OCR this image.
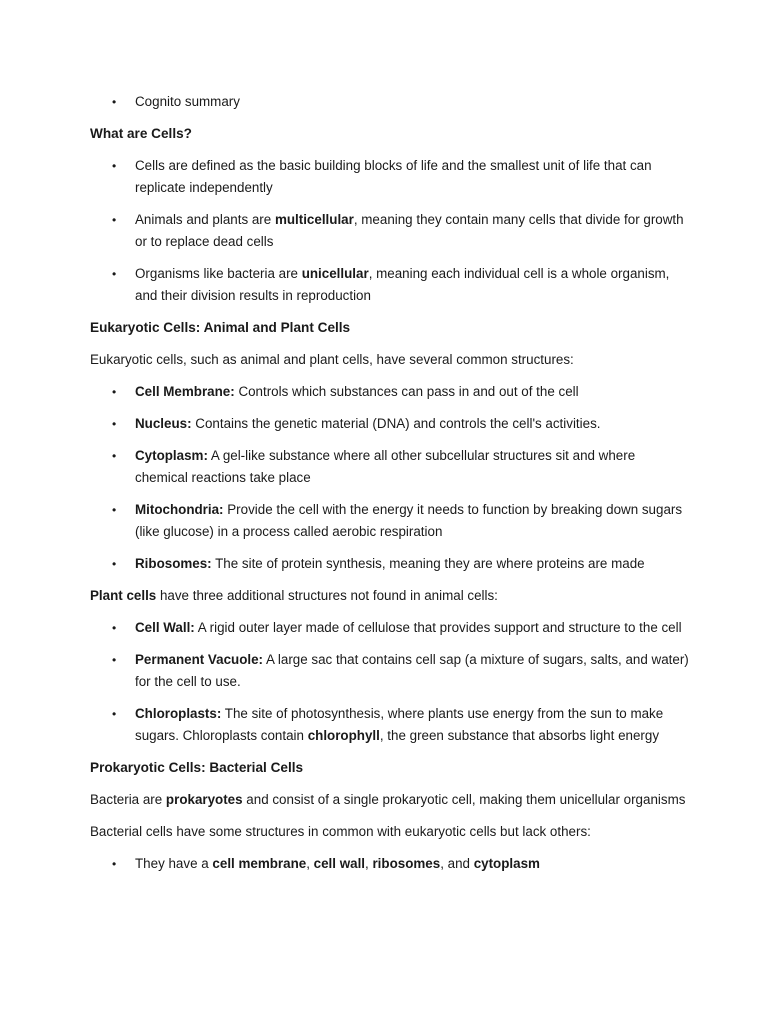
• Cognito summary
What are Cells?
• Cells are defined as the basic building blocks of life and the smallest unit of life that can replicate independently
• Animals and plants are multicellular, meaning they contain many cells that divide for growth or to replace dead cells
• Organisms like bacteria are unicellular, meaning each individual cell is a whole organism, and their division results in reproduction
Eukaryotic Cells: Animal and Plant Cells

Eukaryotic cells, such as animal and plant cells, have several common structures:

• Cell Membrane: Controls which substances can pass in and out of the cell
• Nucleus: Contains the genetic material (DNA) and controls the cell's activities.
• Cytoplasm: A gel-like substance where all other subcellular structures sit and where chemical reactions take place
• Mitochondria: Provide the cell with the energy it needs to function by breaking down sugars (like glucose) in a process called aerobic respiration
• Ribosomes: The site of protein synthesis, meaning they are where proteins are made

Plant cells have three additional structures not found in animal cells:

• Cell Wall: A rigid outer layer made of cellulose that provides support and structure to the cell
• Permanent Vacuole: A large sac that contains cell sap (a mixture of sugars, salts, and water) for the cell to use.
• Chloroplasts: The site of photosynthesis, where plants use energy from the sun to make sugars. Chloroplasts contain chlorophyll, the green substance that absorbs light energy
Prokaryotic Cells: Bacterial Cells

Bacteria are prokaryotes and consist of a single prokaryotic cell, making them unicellular organisms

Bacterial cells have some structures in common with eukaryotic cells but lack others:

• They have a cell membrane, cell wall, ribosomes, and cytoplasm
